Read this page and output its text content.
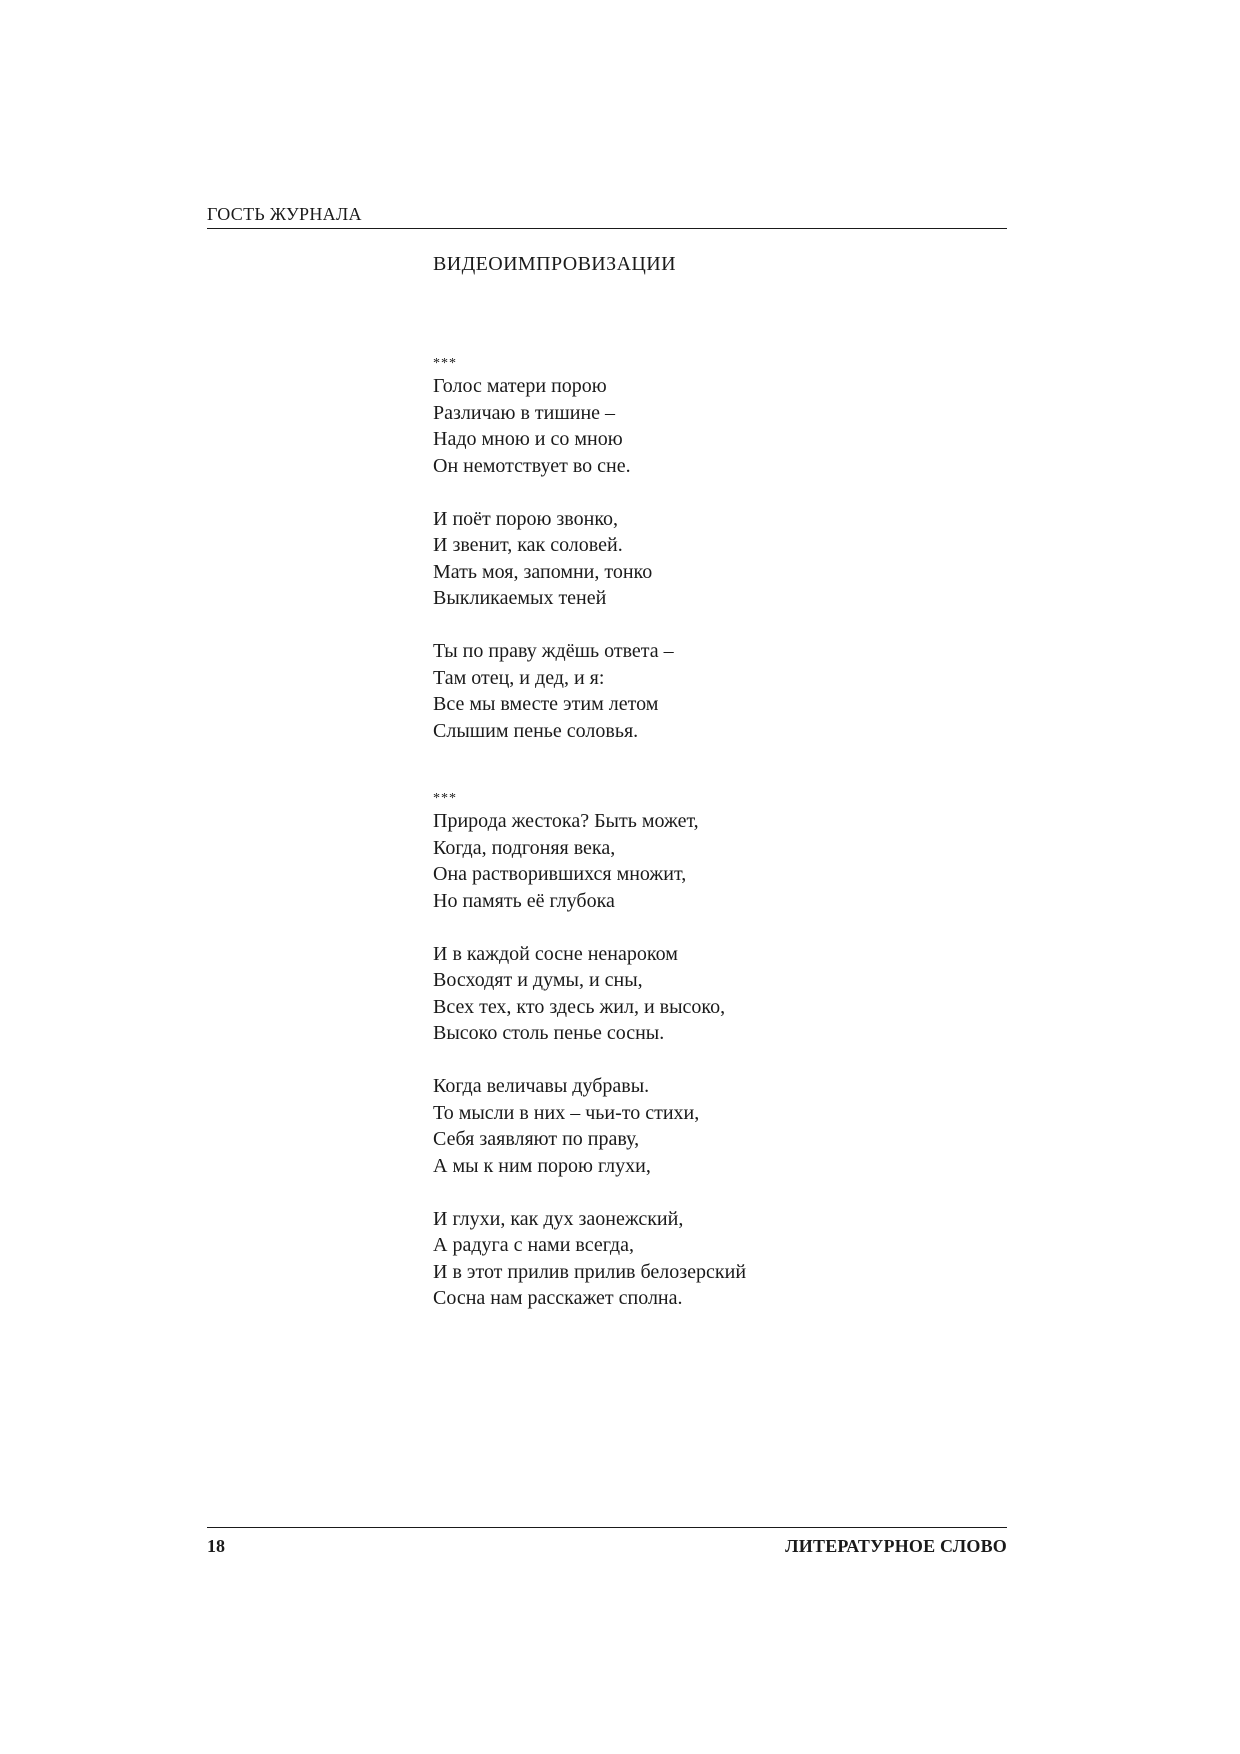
ГОСТЬ ЖУРНАЛА
ВИДЕОИМПРОВИЗАЦИИ
***
Голос матери порою
Различаю в тишине –
Надо мною и со мною
Он немотствует во сне.
И поёт порою звонко,
И звенит, как соловей.
Мать моя, запомни, тонко
Выкликаемых теней
Ты по праву ждёшь ответа –
Там отец, и дед, и я:
Все мы вместе этим летом
Слышим пенье соловья.
***
Природа жестока? Быть может,
Когда, подгоняя века,
Она растворившихся множит,
Но память её глубока
И в каждой сосне ненароком
Восходят и думы, и сны,
Всех тех, кто здесь жил, и высоко,
Высоко столь пенье сосны.
Когда величавы дубравы.
То мысли в них – чьи-то стихи,
Себя заявляют по праву,
А мы к ним порою глухи,
И глухи, как дух заонежский,
А радуга с нами всегда,
И в этот прилив прилив белозерский
Сосна нам расскажет сполна.
18	ЛИТЕРАТУРНОЕ СЛОВО
